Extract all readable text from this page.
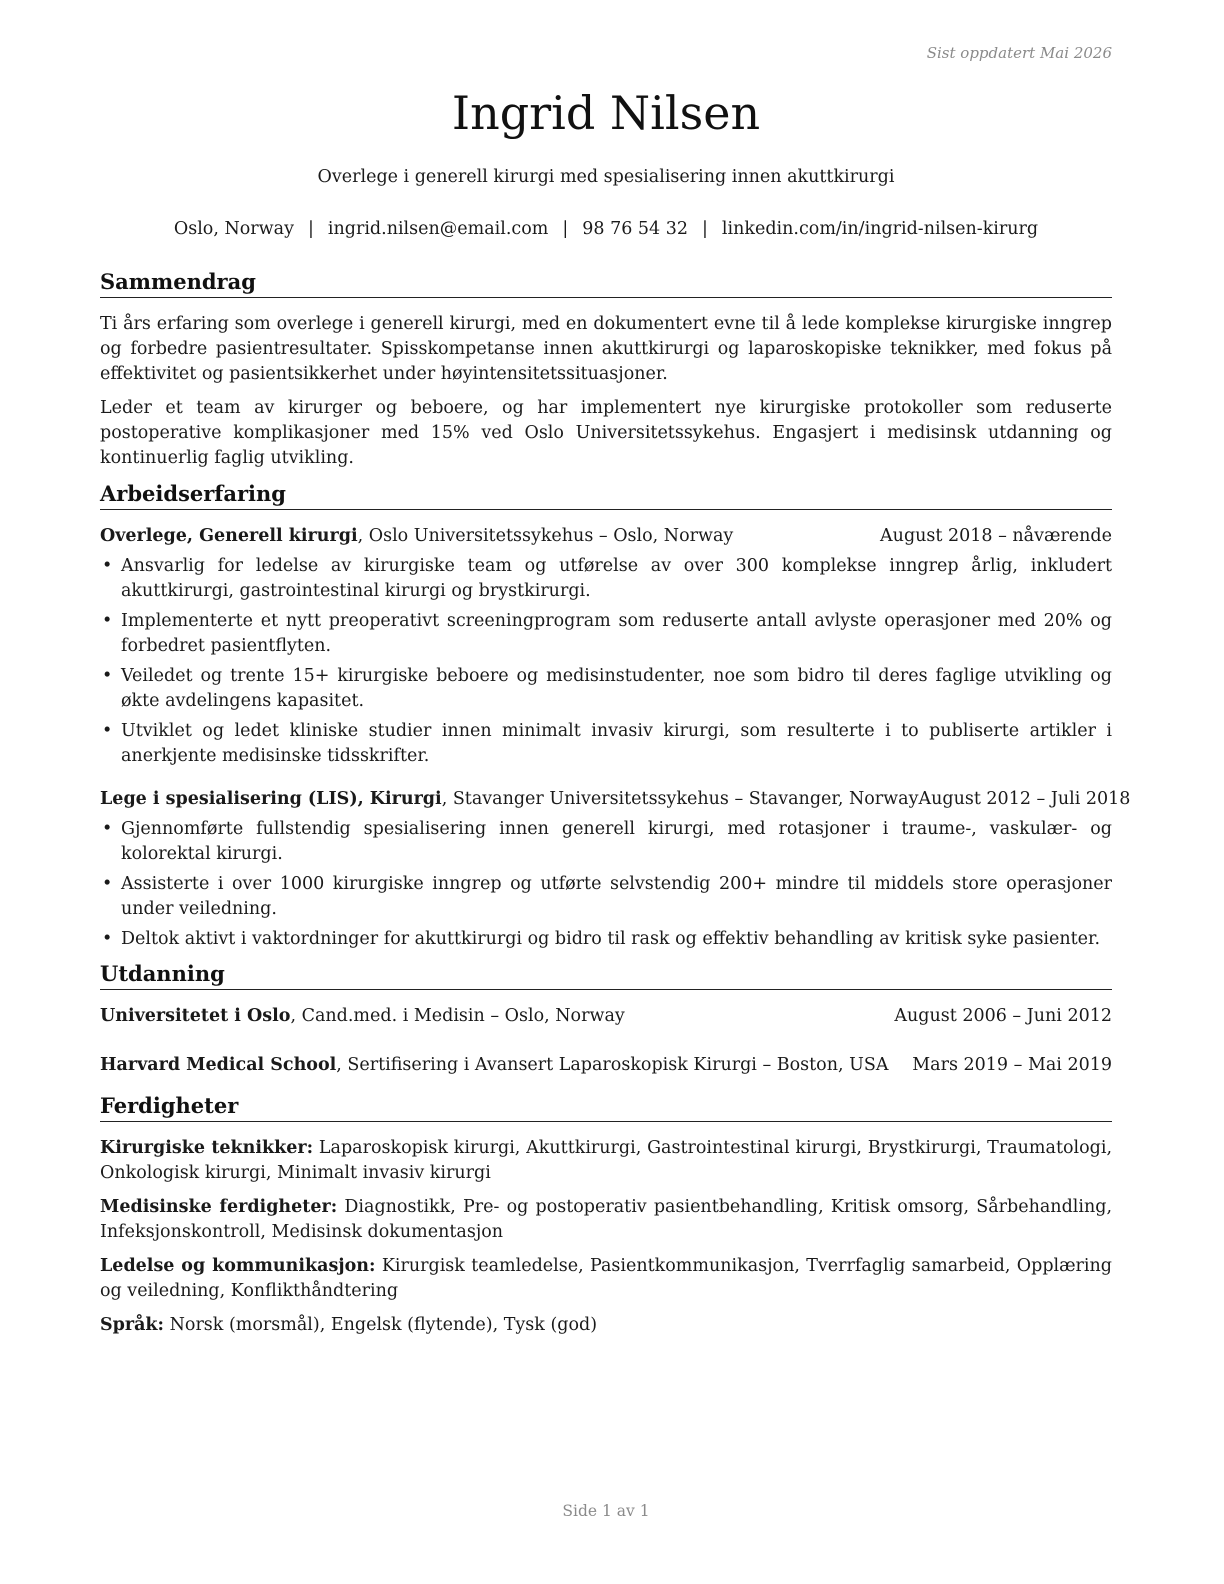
Sist oppdatert Mai 2026
Ingrid Nilsen
Overlege i generell kirurgi med spesialisering innen akuttkirurgi
Oslo, Norway | ingrid.nilsen@email.com | 98 76 54 32 | linkedin.com/in/ingrid-nilsen-kirurg
Sammendrag

Ti års erfaring som overlege i generell kirurgi, med en dokumentert evne til å lede komplekse kirurgiske inngrep og forbedre pasientresultater. Spisskompetanse innen akuttkirurgi og laparoskopiske teknikker, med fokus på effektivitet og pasientsikkerhet under høyintensitetssituasjoner.

Leder et team av kirurger og beboere, og har implementert nye kirurgiske protokoller som reduserte postoperative komplikasjoner med 15% ved Oslo Universitetssykehus. Engasjert i medisinsk utdanning og kontinuerlig faglig utvikling.

Arbeidserfaring
Overlege, Generell kirurgi, Oslo Universitetssykehus – Oslo, Norway	August 2018 – nåværende
• Ansvarlig for ledelse av kirurgiske team og utførelse av over 300 komplekse inngrep årlig, inkludert akuttkirurgi, gastrointestinal kirurgi og brystkirurgi.
• Implementerte et nytt preoperativt screeningprogram som reduserte antall avlyste operasjoner med 20% og forbedret pasientflyten.
• Veiledet og trente 15+ kirurgiske beboere og medisinstudenter, noe som bidro til deres faglige utvikling og økte avdelingens kapasitet.
• Utviklet og ledet kliniske studier innen minimalt invasiv kirurgi, som resulterte i to publiserte artikler i anerkjente medisinske tidsskrifter.
Lege i spesialisering (LIS), Kirurgi, Stavanger Universitetssykehus – Stavanger, Norway August 2012 – Juli 2018
• Gjennomførte fullstendig spesialisering innen generell kirurgi, med rotasjoner i traume-, vaskulær- og kolorektal kirurgi.
• Assisterte i over 1000 kirurgiske inngrep og utførte selvstendig 200+ mindre til middels store operasjoner under veiledning.
• Deltok aktivt i vaktordninger for akuttkirurgi og bidro til rask og effektiv behandling av kritisk syke pasienter.
Utdanning
Universitetet i Oslo, Cand.med. i Medisin – Oslo, Norway	August 2006 – Juni 2012
Harvard Medical School, Sertifisering i Avansert Laparoskopisk Kirurgi – Boston, USA Mars 2019 – Mai 2019
Ferdigheter
Kirurgiske teknikker: Laparoskopisk kirurgi, Akuttkirurgi, Gastrointestinal kirurgi, Brystkirurgi, Traumatologi, Onkologisk kirurgi, Minimalt invasiv kirurgi
Medisinske ferdigheter: Diagnostikk, Pre- og postoperativ pasientbehandling, Kritisk omsorg, Sårbehandling, Infeksjonskontroll, Medisinsk dokumentasjon
Ledelse og kommunikasjon: Kirurgisk teamledelse, Pasientkommunikasjon, Tverrfaglig samarbeid, Opplæring og veiledning, Konflikthåndtering
Språk: Norsk (morsmål), Engelsk (flytende), Tysk (god)
Side 1 av 1
